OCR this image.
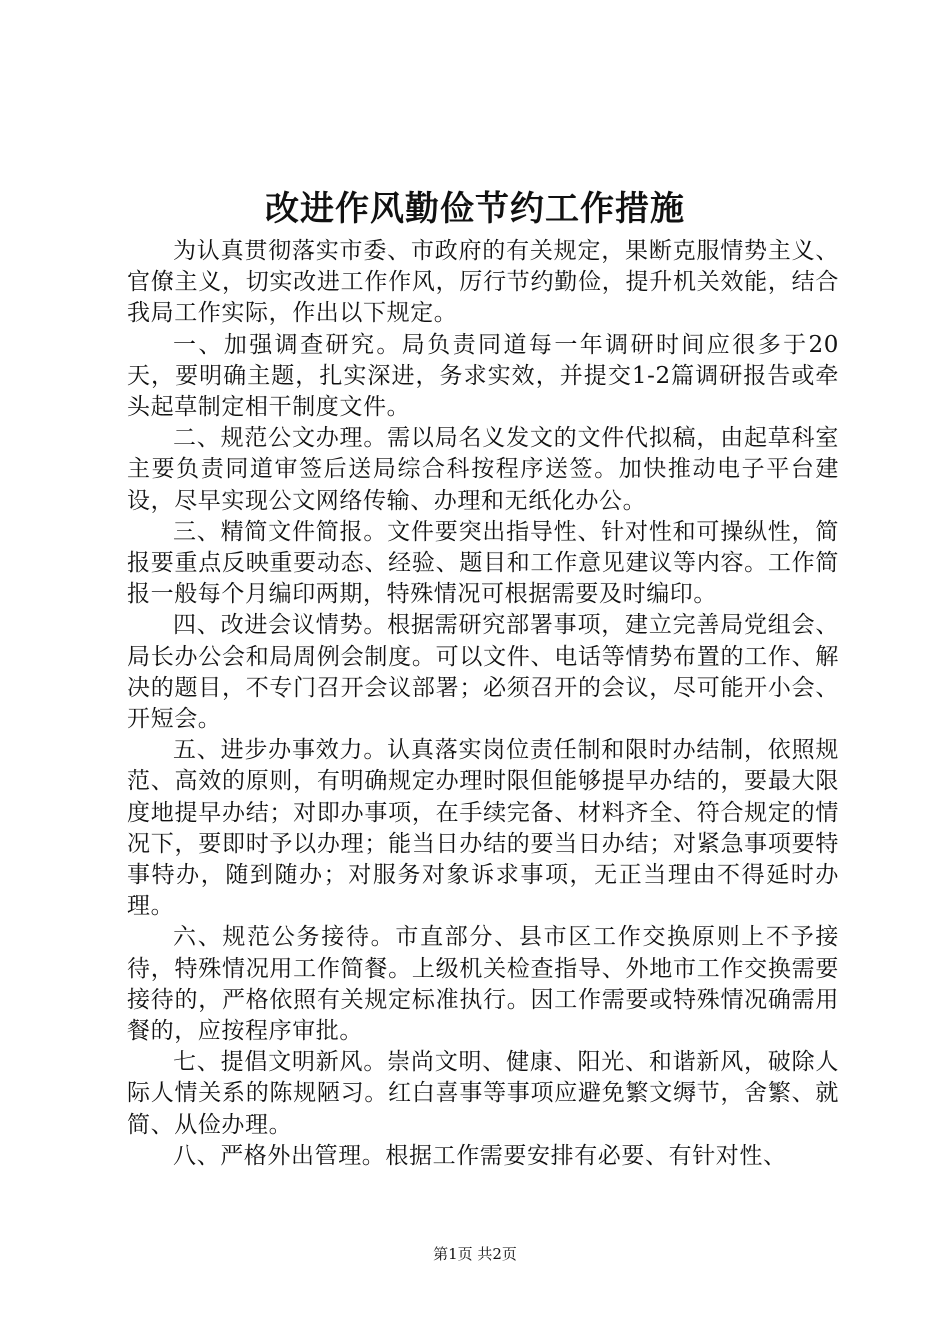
改进作风勤俭节约工作措施

为认真贯彻落实市委、市政府的有关规定，果断克服情势主义、官僚主义，切实改进工作作风，厉行节约勤俭，提升机关效能，结合我局工作实际，作出以下规定。

一、加强调查研究。局负责同道每一年调研时间应很多于20天，要明确主题，扎实深进，务求实效，并提交1-2篇调研报告或牵头起草制定相干制度文件。

二、规范公文办理。需以局名义发文的文件代拟稿，由起草科室主要负责同道审签后送局综合科按程序送签。加快推动电子平台建设，尽早实现公文网络传输、办理和无纸化办公。

三、精简文件简报。文件要突出指导性、针对性和可操纵性，简报要重点反映重要动态、经验、题目和工作意见建议等内容。工作简报一般每个月编印两期，特殊情况可根据需要及时编印。

四、改进会议情势。根据需研究部署事项，建立完善局党组会、局长办公会和局周例会制度。可以文件、电话等情势布置的工作、解决的题目，不专门召开会议部署；必须召开的会议，尽可能开小会、开短会。

五、进步办事效力。认真落实岗位责任制和限时办结制，依照规范、高效的原则，有明确规定办理时限但能够提早办结的，要最大限度地提早办结；对即办事项，在手续完备、材料齐全、符合规定的情况下，要即时予以办理；能当日办结的要当日办结；对紧急事项要特事特办，随到随办；对服务对象诉求事项，无正当理由不得延时办理。

六、规范公务接待。市直部分、县市区工作交换原则上不予接待，特殊情况用工作简餐。上级机关检查指导、外地市工作交换需要接待的，严格依照有关规定标准执行。因工作需要或特殊情况确需用餐的，应按程序审批。

七、提倡文明新风。崇尚文明、健康、阳光、和谐新风，破除人际人情关系的陈规陋习。红白喜事等事项应避免繁文缛节，舍繁、就简、从俭办理。

八、严格外出管理。根据工作需要安排有必要、有针对性、

第1页 共2页
